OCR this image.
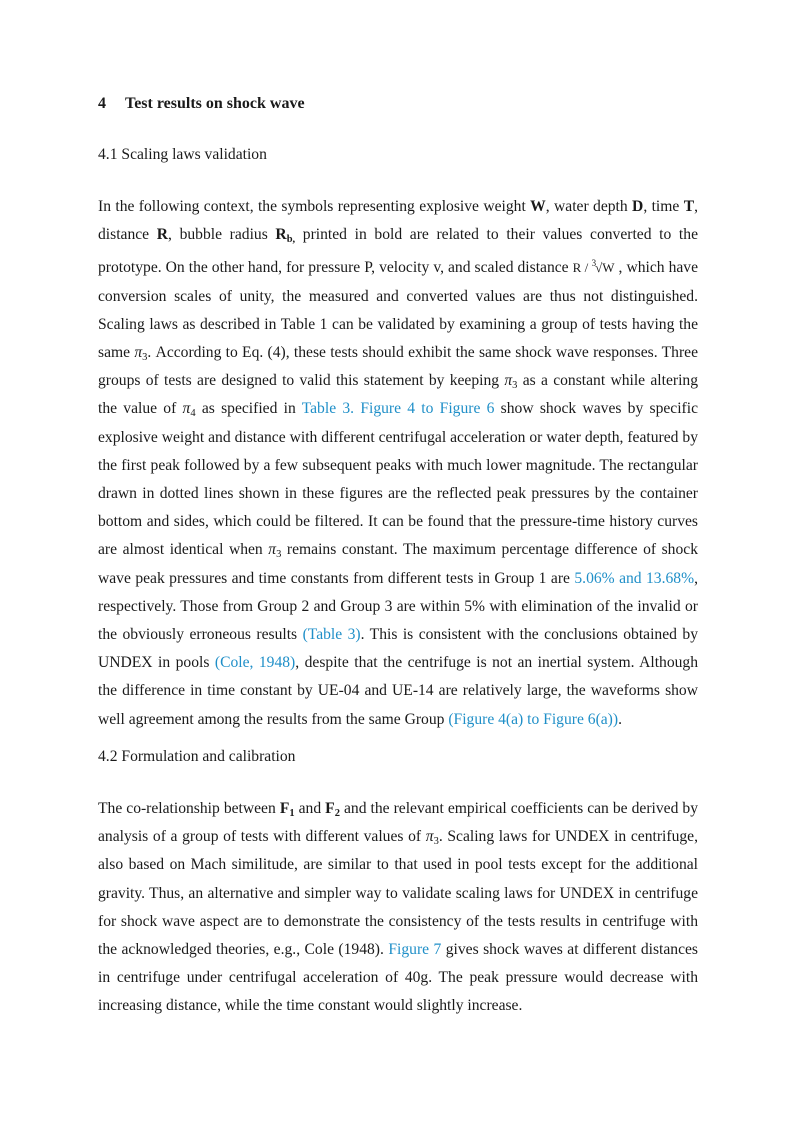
4 Test results on shock wave
4.1 Scaling laws validation

In the following context, the symbols representing explosive weight W, water depth D, time T, distance R, bubble radius $R_{b,}$ printed in bold are related to their values converted to the prototype. On the other hand, for pressure P, velocity v, and scaled distance R / $^3$√W , which have conversion scales of unity, the measured and converted values are thus not distinguished. Scaling laws as described in Table 1 can be validated by examining a group of tests having the same $\pi_3$. According to Eq. (4), these tests should exhibit the same shock wave responses. Three groups of tests are designed to valid this statement by keeping $\pi_3$ as a constant while altering the value of $\pi_4$ as specified in Table 3. Figure 4 to Figure 6 show shock waves by specific explosive weight and distance with different centrifugal acceleration or water depth, featured by the first peak followed by a few subsequent peaks with much lower magnitude. The rectangular drawn in dotted lines shown in these figures are the reflected peak pressures by the container bottom and sides, which could be filtered. It can be found that the pressure-time history curves are almost identical when $\pi_3$ remains constant. The maximum percentage difference of shock wave peak pressures and time constants from different tests in Group 1 are 5.06% and 13.68%, respectively. Those from Group 2 and Group 3 are within 5% with elimination of the invalid or the obviously erroneous results (Table 3). This is consistent with the conclusions obtained by UNDEX in pools (Cole, 1948), despite that the centrifuge is not an inertial system. Although the difference in time constant by UE-04 and UE-14 are relatively large, the waveforms show well agreement among the results from the same Group (Figure 4(a) to Figure 6(a)).

4.2 Formulation and calibration

The co-relationship between $F_1$ and $F_2$ and the relevant empirical coefficients can be derived by analysis of a group of tests with different values of $\pi_3$. Scaling laws for UNDEX in centrifuge, also based on Mach similitude, are similar to that used in pool tests except for the additional gravity. Thus, an alternative and simpler way to validate scaling laws for UNDEX in centrifuge for shock wave aspect are to demonstrate the consistency of the tests results in centrifuge with the acknowledged theories, e.g., Cole (1948). Figure 7 gives shock waves at different distances in centrifuge under centrifugal acceleration of 40g. The peak pressure would decrease with increasing distance, while the time constant would slightly increase.
